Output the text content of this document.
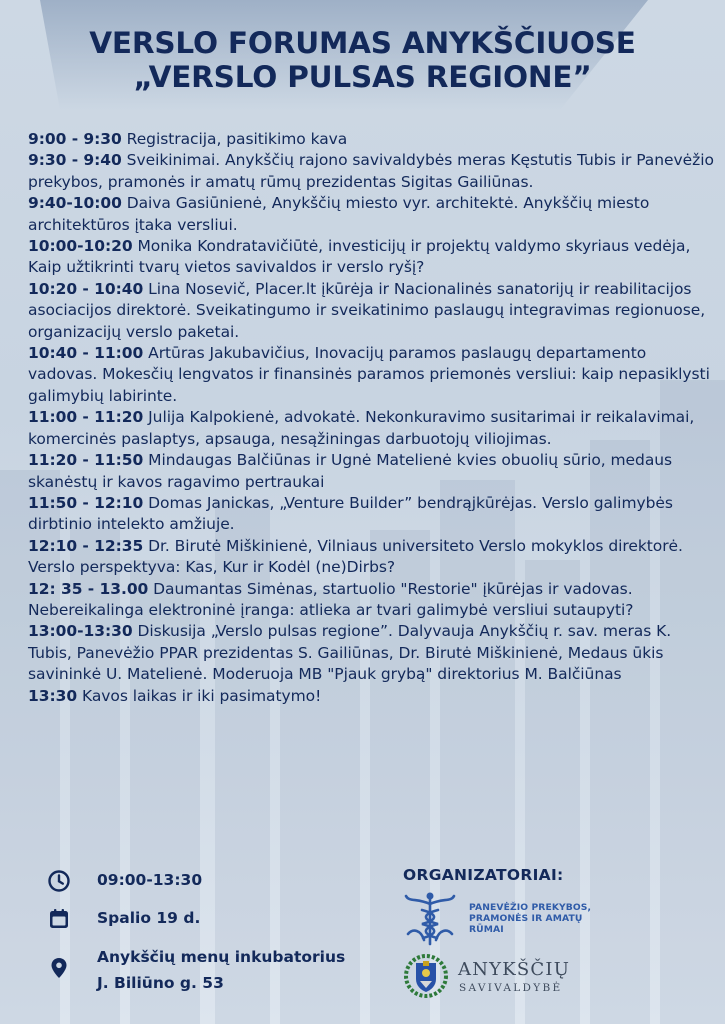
VERSLO FORUMAS ANYKŠČIUOSE
„VERSLO PULSAS REGIONE”

9:00 - 9:30 Registracija, pasitikimo kava

9:30 - 9:40 Sveikinimai. Anykščių rajono savivaldybės meras Kęstutis Tubis ir Panevėžio prekybos, pramonės ir amatų rūmų prezidentas Sigitas Gailiūnas.

9:40-10:00 Daiva Gasiūnienė, Anykščių miesto vyr. architektė. Anykščių miesto architektūros įtaka versliui.

10:00-10:20 Monika Kondratavičiūtė, investicijų ir projektų valdymo skyriaus vedėja, Kaip užtikrinti tvarų vietos savivaldos ir verslo ryšį?

10:20 - 10:40 Lina Nosevič, Placer.lt įkūrėja ir Nacionalinės sanatorijų ir reabilitacijos asociacijos direktorė. Sveikatingumo ir sveikatinimo paslaugų integravimas regionuose, organizacijų verslo paketai.

10:40 - 11:00 Artūras Jakubavičius, Inovacijų paramos paslaugų departamento vadovas. Mokesčių lengvatos ir finansinės paramos priemonės versliui: kaip nepasiklysti galimybių labirinte.

11:00 - 11:20 Julija Kalpokienė, advokatė. Nekonkuravimo susitarimai ir reikalavimai, komercinės paslaptys, apsauga, nesąžiningas darbuotojų viliojimas.

11:20 - 11:50 Mindaugas Balčiūnas ir Ugnė Matelienė kvies obuolių sūrio, medaus skanėstų ir kavos ragavimo pertraukai

11:50 - 12:10 Domas Janickas, „Venture Builder” bendrąjkūrėjas. Verslo galimybės dirbtinio intelekto amžiuje.

12:10 - 12:35 Dr. Birutė Miškinienė, Vilniaus universiteto Verslo mokyklos direktorė. Verslo perspektyva: Kas, Kur ir Kodėl (ne)Dirbs?

12: 35 - 13.00 Daumantas Simėnas, startuolio "Restorie" įkūrėjas ir vadovas. Nebereikalinga elektroninė įranga: atlieka ar tvari galimybė versliui sutaupyti?

13:00-13:30 Diskusija „Verslo pulsas regione”. Dalyvauja Anykščių r. sav. meras K. Tubis, Panevėžio PPAR prezidentas S. Gailiūnas, Dr. Birutė Miškinienė, Medaus ūkis savininkė U. Matelienė. Moderuoja MB "Pjauk grybą" direktorius M. Balčiūnas

13:30 Kavos laikas ir iki pasimatymo!

09:00-13:30
Spalio 19 d.
Anykščių menų inkubatorius
J. Biliūno g. 53
ORGANIZATORIAI:
PANEVĖŽIO PREKYBOS,
PRAMONĖS IR AMATŲ
RŪMAI
ANYKŠČIŲ
SAVIVALDYBĖ
